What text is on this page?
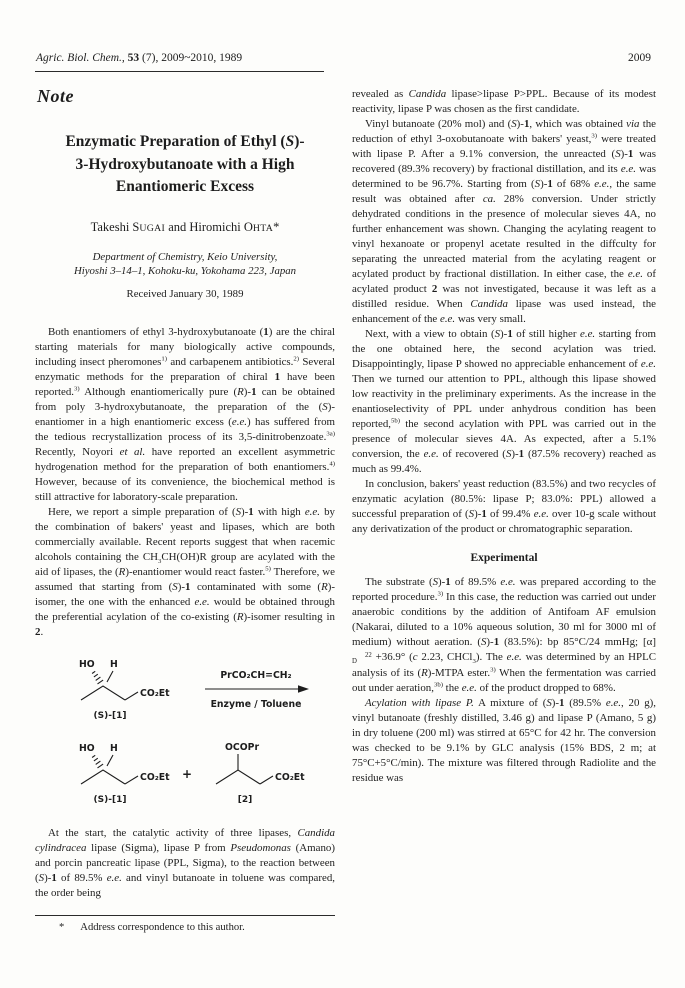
Agric. Biol. Chem., 53 (7), 2009~2010, 1989	2009
Note
Enzymatic Preparation of Ethyl (S)-
3-Hydroxybutanoate with a High
Enantiomeric Excess
Takeshi SUGAI and Hiromichi OHTA*
Department of Chemistry, Keio University,
Hiyoshi 3–14–1, Kohoku-ku, Yokohama 223, Japan
Received January 30, 1989

Both enantiomers of ethyl 3-hydroxybutanoate (1) are the chiral starting materials for many biologically active compounds, including insect pheromones$^{1)}$ and carbapenem antibiotics.$^{2)}$ Several enzymatic methods for the preparation of chiral 1 have been reported.$^{3)}$ Although enantiomerically pure (R)-1 can be obtained from poly 3-hydroxybutanoate, the preparation of the (S)-enantiomer in a high enantiomeric excess (e.e.) has suffered from the tedious recrystallization process of its 3,5-dinitrobenzoate.$^{3a)}$ Recently, Noyori et al. have reported an excellent asymmetric hydrogenation method for the preparation of both enantiomers.$^{4)}$ However, because of its convenience, the biochemical method is still attractive for laboratory-scale preparation.

Here, we report a simple preparation of (S)-1 with high e.e. by the combination of bakers' yeast and lipases, which are both commercially available. Recent reports suggest that when racemic alcohols containing the $CH_3CH(OH)R$ group are acylated with the aid of lipases, the (R)-enantiomer would react faster.$^{5)}$ Therefore, we assumed that starting from (S)-1 contaminated with some (R)-isomer, the one with the enhanced e.e. would be obtained through the preferential acylation of the co-existing (R)-isomer resulting in 2.

HO H
CO₂Et
(S)-[1]
PrCO₂CH=CH₂
Enzyme / Toluene
HO H
CO₂Et
(S)-[1]
+
OCOPr
CO₂Et
[2]

At the start, the catalytic activity of three lipases, Candida cylindracea lipase (Sigma), lipase P from Pseudomonas (Amano) and porcin pancreatic lipase (PPL, Sigma), to the reaction between (S)-1 of 89.5% e.e. and vinyl butanoate in toluene was compared, the order being

* Address correspondence to this author.

revealed as Candida lipase>lipase P>PPL. Because of its modest reactivity, lipase P was chosen as the first candidate.

Vinyl butanoate (20% mol) and (S)-1, which was obtained via the reduction of ethyl 3-oxobutanoate with bakers' yeast,$^{3)}$ were treated with lipase P. After a 9.1% conversion, the unreacted (S)-1 was recovered (89.3% recovery) by fractional distillation, and its e.e. was determined to be 96.7%. Starting from (S)-1 of 68% e.e., the same result was obtained after ca. 28% conversion. Under strictly dehydrated conditions in the presence of molecular sieves 4A, no further enhancement was shown. Changing the acylating reagent to vinyl hexanoate or propenyl acetate resulted in the diffculty for separating the unreacted material from the acylating reagent or acylated product by fractional distillation. In either case, the e.e. of acylated product 2 was not investigated, because it was left as a distilled residue. When Candida lipase was used instead, the enhancement of the e.e. was very small.

Next, with a view to obtain (S)-1 of still higher e.e. starting from the one obtained here, the second acylation was tried. Disappointingly, lipase P showed no appreciable enhancement of e.e. Then we turned our attention to PPL, although this lipase showed low reactivity in the preliminary experiments. As the increase in the enantioselectivity of PPL under anhydrous condition has been reported,$^{5b)}$ the second acylation with PPL was carried out in the presence of molecular sieves 4A. As expected, after a 5.1% conversion, the e.e. of recovered (S)-1 (87.5% recovery) reached as much as 99.4%.

In conclusion, bakers' yeast reduction (83.5%) and two recycles of enzymatic acylation (80.5%: lipase P; 83.0%: PPL) allowed a successful preparation of (S)-1 of 99.4% e.e. over 10-g scale without any derivatization of the product or chromatographic separation.

Experimental

The substrate (S)-1 of 89.5% e.e. was prepared according to the reported procedure.$^{3)}$ In this case, the reduction was carried out under anaerobic conditions by the addition of Antifoam AF emulsion (Nakarai, diluted to a 10% aqueous solution, 30 ml for 3000 ml of medium) without aeration. (S)-1 (83.5%): bp 85°C/24 mmHg; [α]22
D +36.9° (c 2.23, CHCl$_3$). The e.e. was determined by an HPLC analysis of its (R)-MTPA ester.$^{3)}$ When the fermentation was carried out under aeration,$^{3b)}$ the e.e. of the product dropped to 68%.

Acylation with lipase P. A mixture of (S)-1 (89.5% e.e., 20 g), vinyl butanoate (freshly distilled, 3.46 g) and lipase P (Amano, 5 g) in dry toluene (200 ml) was stirred at 65°C for 42 hr. The conversion was checked to be 9.1% by GLC analysis (15% BDS, 2 m; at 75°C+5°C/min). The mixture was filtered through Radiolite and the residue was
